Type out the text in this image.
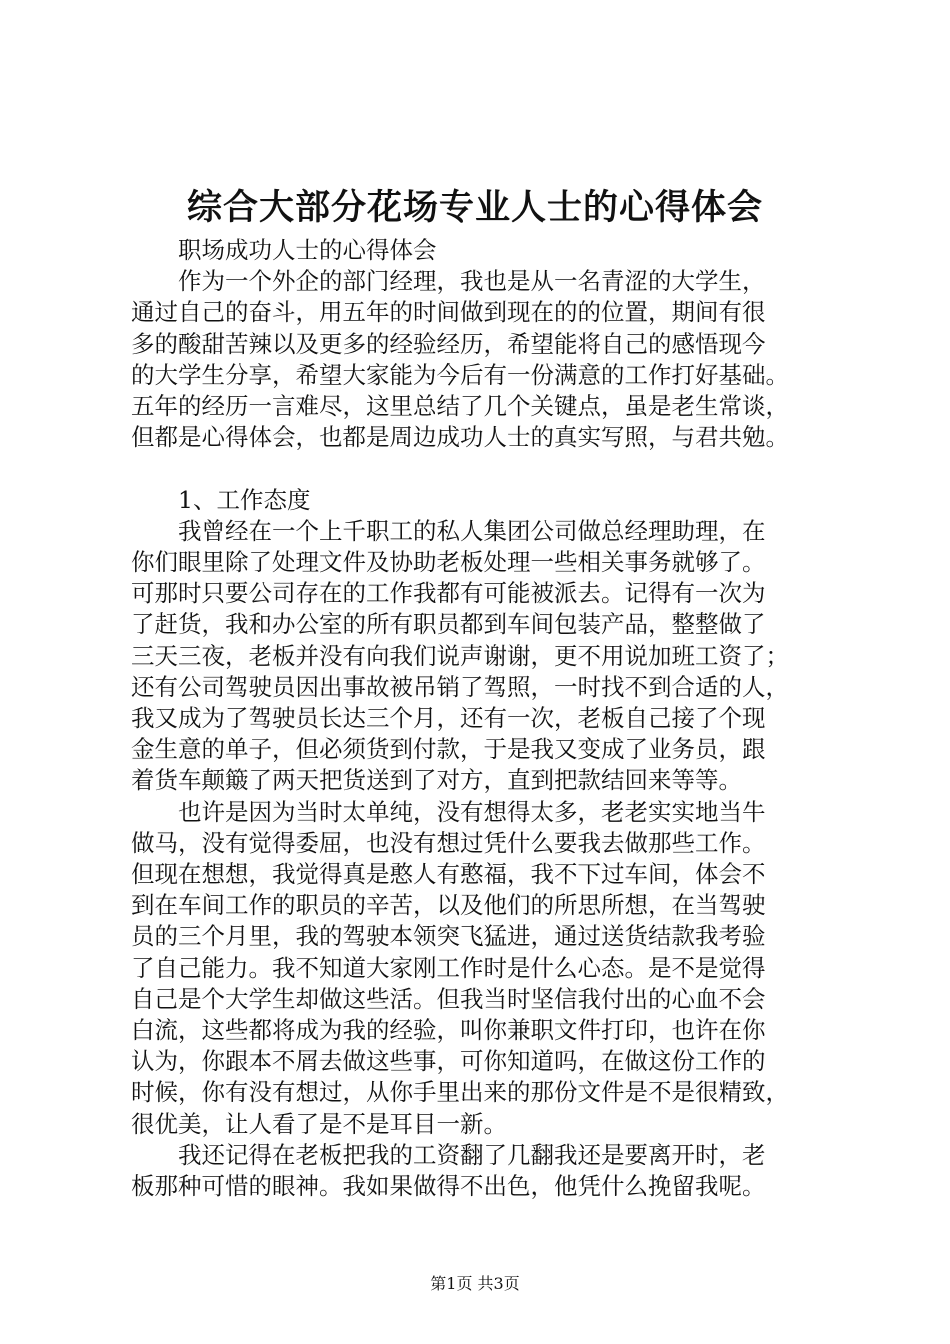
综合大部分花场专业人士的心得体会
职场成功人士的心得体会
作为一个外企的部门经理，我也是从一名青涩的大学生，
通过自己的奋斗，用五年的时间做到现在的的位置，期间有很
多的酸甜苦辣以及更多的经验经历，希望能将自己的感悟现今
的大学生分享，希望大家能为今后有一份满意的工作打好基础。
五年的经历一言难尽，这里总结了几个关键点，虽是老生常谈，
但都是心得体会，也都是周边成功人士的真实写照，与君共勉。
1、工作态度
我曾经在一个上千职工的私人集团公司做总经理助理，在
你们眼里除了处理文件及协助老板处理一些相关事务就够了。
可那时只要公司存在的工作我都有可能被派去。记得有一次为
了赶货，我和办公室的所有职员都到车间包装产品，整整做了
三天三夜，老板并没有向我们说声谢谢，更不用说加班工资了；
还有公司驾驶员因出事故被吊销了驾照，一时找不到合适的人，
我又成为了驾驶员长达三个月，还有一次，老板自己接了个现
金生意的单子，但必须货到付款，于是我又变成了业务员，跟
着货车颠簸了两天把货送到了对方，直到把款结回来等等。
也许是因为当时太单纯，没有想得太多，老老实实地当牛
做马，没有觉得委屈，也没有想过凭什么要我去做那些工作。
但现在想想，我觉得真是憨人有憨福，我不下过车间，体会不
到在车间工作的职员的辛苦，以及他们的所思所想，在当驾驶
员的三个月里，我的驾驶本领突飞猛进，通过送货结款我考验
了自己能力。我不知道大家刚工作时是什么心态。是不是觉得
自己是个大学生却做这些活。但我当时坚信我付出的心血不会
白流，这些都将成为我的经验，叫你兼职文件打印，也许在你
认为，你跟本不屑去做这些事，可你知道吗，在做这份工作的
时候，你有没有想过，从你手里出来的那份文件是不是很精致，
很优美，让人看了是不是耳目一新。
我还记得在老板把我的工资翻了几翻我还是要离开时，老
板那种可惜的眼神。我如果做得不出色，他凭什么挽留我呢。
第1页 共3页
